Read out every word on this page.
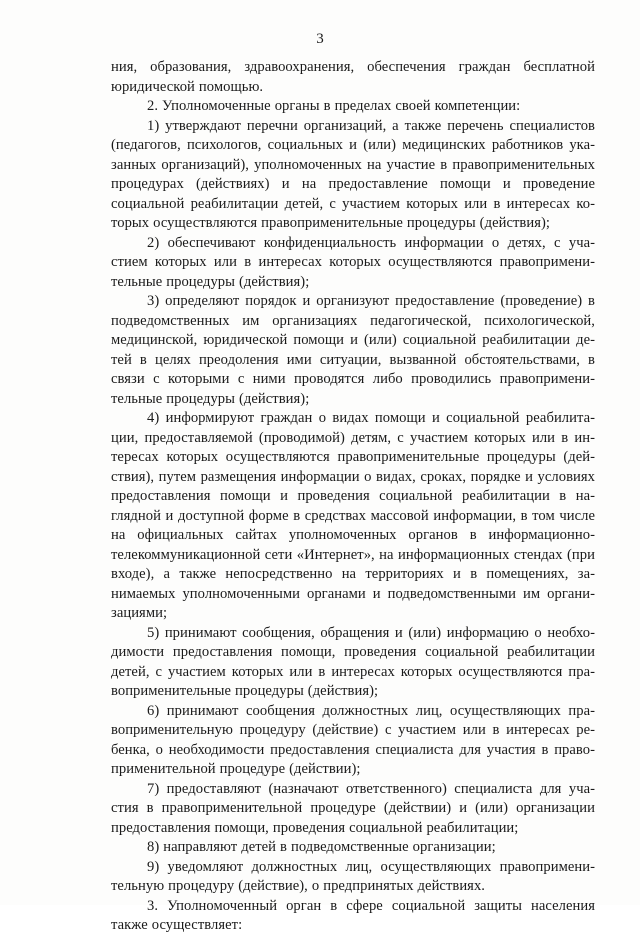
3

ния, образования, здравоохранения, обеспечения граждан бесплатной юридической помощью.

2. Уполномоченные органы в пределах своей компетенции:

1) утверждают перечни организаций, а также перечень специалистов (педагогов, психологов, социальных и (или) медицинских работников указанных организаций), уполномоченных на участие в правоприменительных процедурах (действиях) и на предоставление помощи и проведение социальной реабилитации детей, с участием которых или в интересах которых осуществляются правоприменительные процедуры (действия);

2) обеспечивают конфиденциальность информации о детях, с участием которых или в интересах которых осуществляются правоприменительные процедуры (действия);

3) определяют порядок и организуют предоставление (проведение) в подведомственных им организациях педагогической, психологической, медицинской, юридической помощи и (или) социальной реабилитации детей в целях преодоления ими ситуации, вызванной обстоятельствами, в связи с которыми с ними проводятся либо проводились правоприменительные процедуры (действия);

4) информируют граждан о видах помощи и социальной реабилитации, предоставляемой (проводимой) детям, с участием которых или в интересах которых осуществляются правоприменительные процедуры (действия), путем размещения информации о видах, сроках, порядке и условиях предоставления помощи и проведения социальной реабилитации в наглядной и доступной форме в средствах массовой информации, в том числе на официальных сайтах уполномоченных органов в информационно-телекоммуникационной сети «Интернет», на информационных стендах (при входе), а также непосредственно на территориях и в помещениях, занимаемых уполномоченными органами и подведомственными им организациями;

5) принимают сообщения, обращения и (или) информацию о необходимости предоставления помощи, проведения социальной реабилитации детей, с участием которых или в интересах которых осуществляются правоприменительные процедуры (действия);

6) принимают сообщения должностных лиц, осуществляющих правоприменительную процедуру (действие) с участием или в интересах ребенка, о необходимости предоставления специалиста для участия в правоприменительной процедуре (действии);

7) предоставляют (назначают ответственного) специалиста для участия в правоприменительной процедуре (действии) и (или) организации предоставления помощи, проведения социальной реабилитации;

8) направляют детей в подведомственные организации;

9) уведомляют должностных лиц, осуществляющих правоприменительную процедуру (действие), о предпринятых действиях.

3. Уполномоченный орган в сфере социальной защиты населения также осуществляет:
